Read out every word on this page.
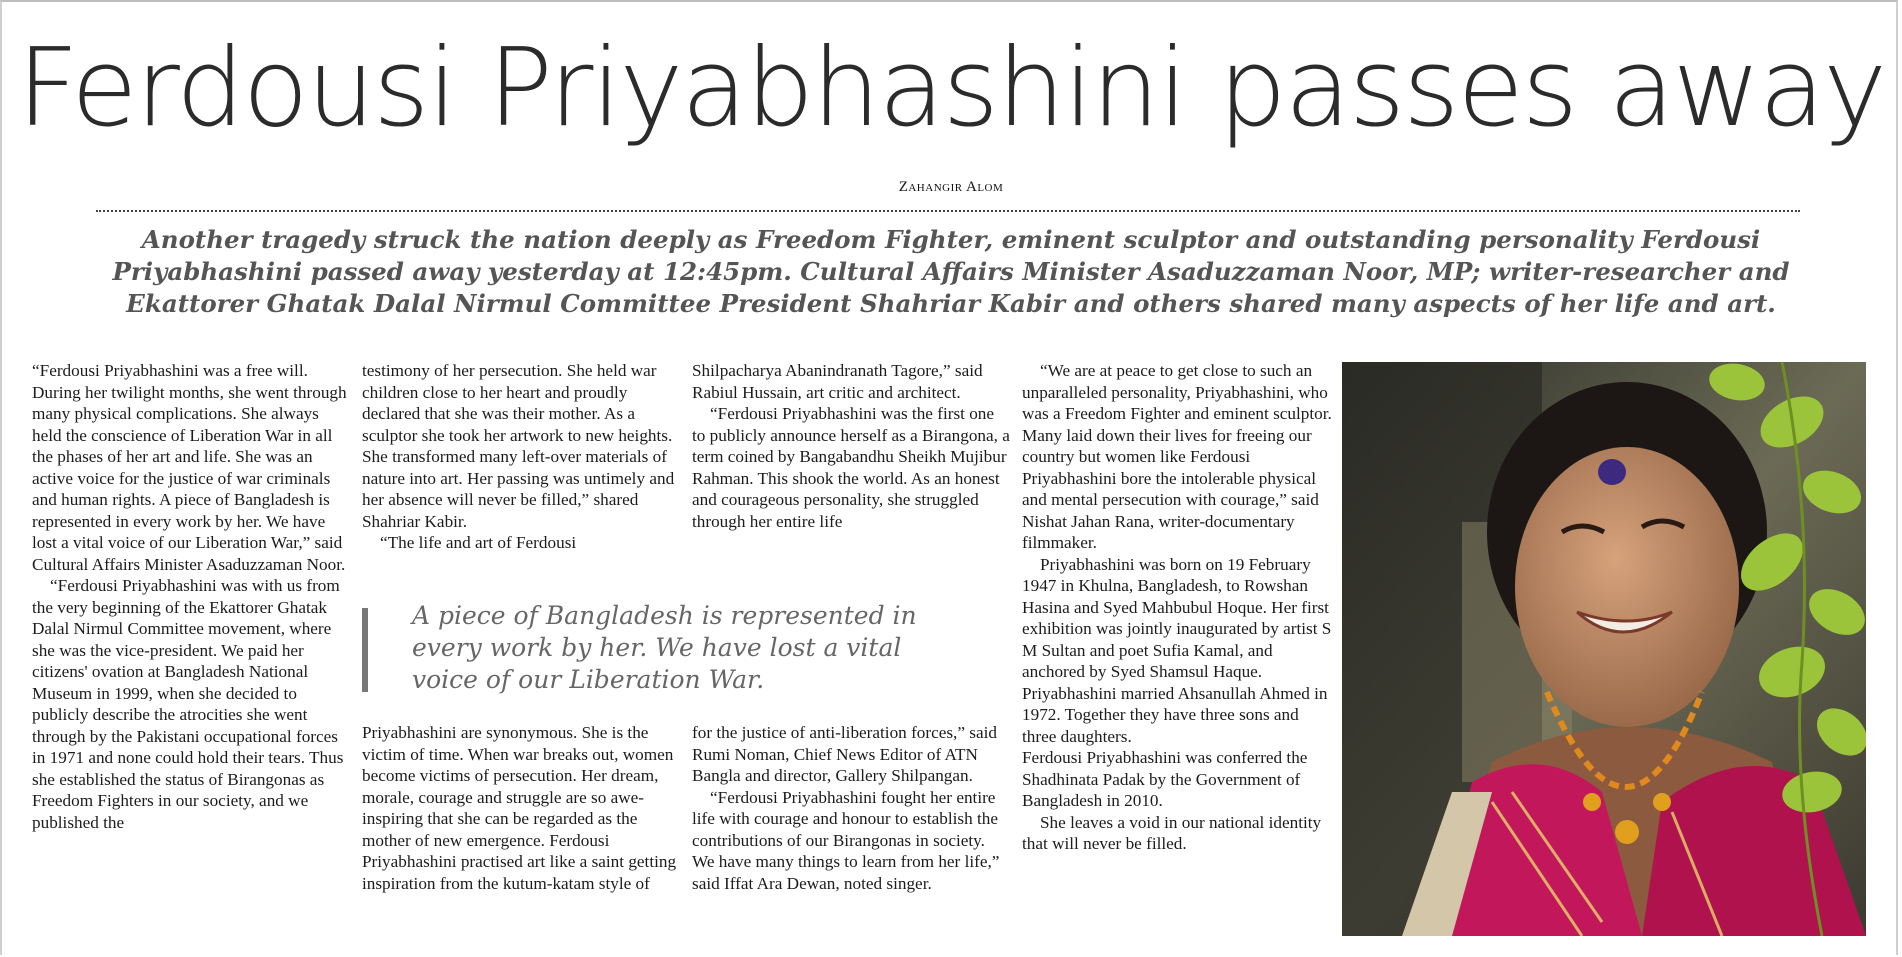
Ferdousi Priyabhashini passes away
Zahangir Alom
Another tragedy struck the nation deeply as Freedom Fighter, eminent sculptor and outstanding personality Ferdousi Priyabhashini passed away yesterday at 12:45pm. Cultural Affairs Minister Asaduzzaman Noor, MP; writer-researcher and Ekattorer Ghatak Dalal Nirmul Committee President Shahriar Kabir and others shared many aspects of her life and art.

“Ferdousi Priyabhashini was a free will. During her twilight months, she went through many physical complications. She always held the conscience of Liberation War in all the phases of her art and life. She was an active voice for the justice of war criminals and human rights. A piece of Bangladesh is represented in every work by her. We have lost a vital voice of our Liberation War,” said Cultural Affairs Minister Asaduzzaman Noor.

“Ferdousi Priyabhashini was with us from the very beginning of the Ekattorer Ghatak Dalal Nirmul Committee movement, where she was the vice-president. We paid her citizens' ovation at Bangladesh National Museum in 1999, when she decided to publicly describe the atrocities she went through by the Pakistani occupational forces in 1971 and none could hold their tears. Thus she established the status of Birangonas as Freedom Fighters in our society, and we published the

testimony of her persecution. She held war children close to her heart and proudly declared that she was their mother. As a sculptor she took her artwork to new heights. She transformed many left-over materials of nature into art. Her passing was untimely and her absence will never be filled,” shared Shahriar Kabir.

“The life and art of Ferdousi

Shilpacharya Abanindranath Tagore,” said Rabiul Hussain, art critic and architect.

“Ferdousi Priyabhashini was the first one to publicly announce herself as a Birangona, a term coined by Bangabandhu Sheikh Mujibur Rahman. This shook the world. As an honest and courageous personality, she struggled through her entire life

A piece of Bangladesh is represented in every work by her. We have lost a vital voice of our Liberation War.

Priyabhashini are synonymous. She is the victim of time. When war breaks out, women become victims of persecution. Her dream, morale, courage and struggle are so awe-inspiring that she can be regarded as the mother of new emergence. Ferdousi Priyabhashini practised art like a saint getting inspiration from the kutum-katam style of

for the justice of anti-liberation forces,” said Rumi Noman, Chief News Editor of ATN Bangla and director, Gallery Shilpangan.

“Ferdousi Priyabhashini fought her entire life with courage and honour to establish the contributions of our Birangonas in society. We have many things to learn from her life,” said Iffat Ara Dewan, noted singer.

“We are at peace to get close to such an unparalleled personality, Priyabhashini, who was a Freedom Fighter and eminent sculptor. Many laid down their lives for freeing our country but women like Ferdousi Priyabhashini bore the intolerable physical and mental persecution with courage,” said Nishat Jahan Rana, writer-documentary filmmaker.

Priyabhashini was born on 19 February 1947 in Khulna, Bangladesh, to Rowshan Hasina and Syed Mahbubul Hoque. Her first exhibition was jointly inaugurated by artist S M Sultan and poet Sufia Kamal, and anchored by Syed Shamsul Haque. Priyabhashini married Ahsanullah Ahmed in 1972. Together they have three sons and three daughters.

Ferdousi Priyabhashini was conferred the Shadhinata Padak by the Government of Bangladesh in 2010.

She leaves a void in our national identity that will never be filled.
